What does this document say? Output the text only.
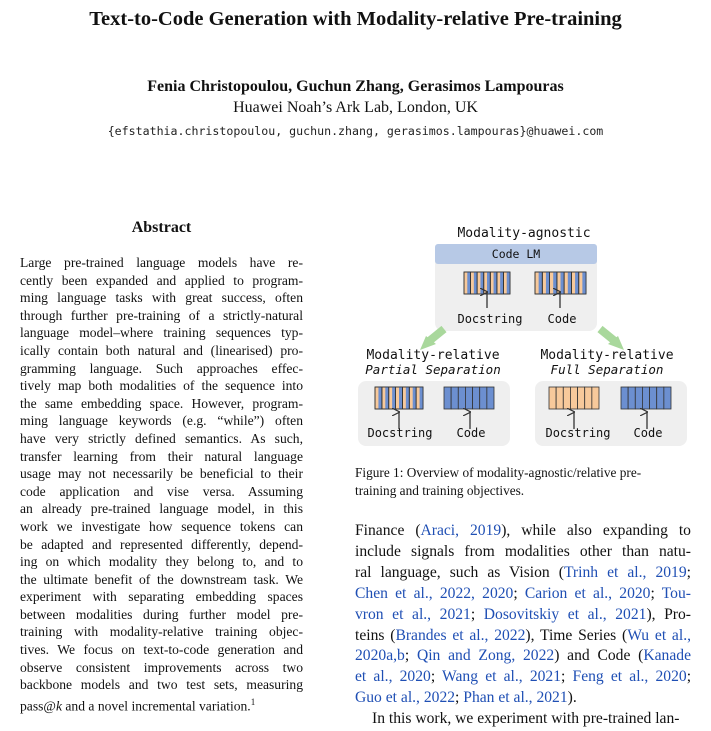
Text-to-Code Generation with Modality-relative Pre-training
Fenia Christopoulou, Guchun Zhang, Gerasimos Lampouras
Huawei Noah’s Ark Lab, London, UK
{efstathia.christopoulou, guchun.zhang, gerasimos.lampouras}@huawei.com
Abstract
Large pre-trained language models have re-
cently been expanded and applied to program-
ming language tasks with great success, often
through further pre-training of a strictly-natural
language model–where training sequences typ-
ically contain both natural and (linearised) pro-
gramming language. Such approaches effec-
tively map both modalities of the sequence into
the same embedding space. However, program-
ming language keywords (e.g. “while”) often
have very strictly defined semantics. As such,
transfer learning from their natural language
usage may not necessarily be beneficial to their
code application and vise versa. Assuming
an already pre-trained language model, in this
work we investigate how sequence tokens can
be adapted and represented differently, depend-
ing on which modality they belong to, and to
the ultimate benefit of the downstream task. We
experiment with separating embedding spaces
between modalities during further model pre-
training with modality-relative training objec-
tives. We focus on text-to-code generation and
observe consistent improvements across two
backbone models and two test sets, measuring
pass@k and a novel incremental variation.$^1$
Modality-agnostic
Code LM
Docstring Code
Modality-relative
Partial Separation
Modality-relative
Full Separation
Docstring Code	Docstring Code
Figure 1: Overview of modality-agnostic/relative pre-
training and training objectives.
Finance (Araci, 2019), while also expanding to
include signals from modalities other than natu-
ral language, such as Vision (Trinh et al., 2019;
Chen et al., 2022, 2020; Carion et al., 2020; Tou-
vron et al., 2021; Dosovitskiy et al., 2021), Pro-
teins (Brandes et al., 2022), Time Series (Wu et al.,
2020a,b; Qin and Zong, 2022) and Code (Kanade
et al., 2020; Wang et al., 2021; Feng et al., 2020;
Guo et al., 2022; Phan et al., 2021).
In this work, we experiment with pre-trained lan-
